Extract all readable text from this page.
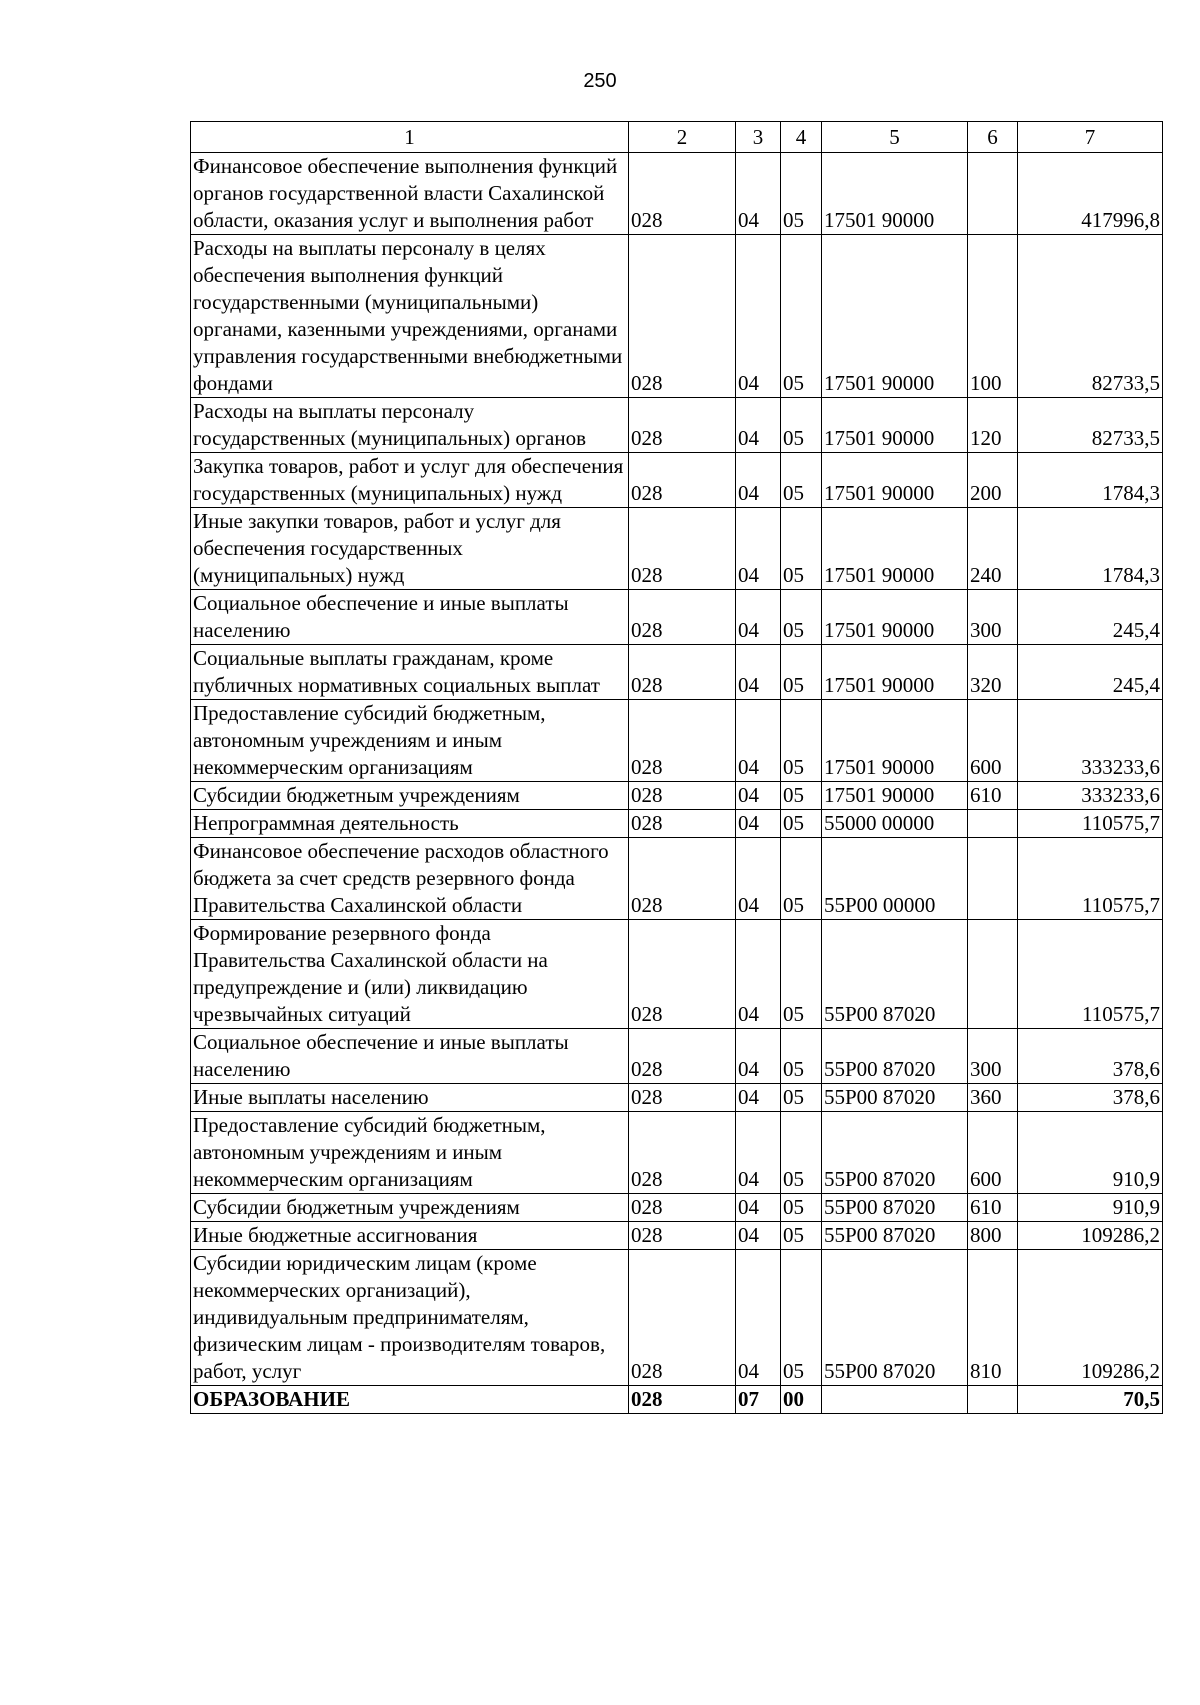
250
1	2	3	4	5	6	7
Финансовое обеспечение выполнения функций органов государственной власти Сахалинской области, оказания услуг и выполнения работ	028	04	05	17501 90000		417996,8
Расходы на выплаты персоналу в целях обеспечения выполнения функций государственными (муниципальными) органами, казенными учреждениями, органами управления государственными внебюджетными фондами	028	04	05	17501 90000	100	82733,5
Расходы на выплаты персоналу государственных (муниципальных) органов	028	04	05	17501 90000	120	82733,5
Закупка товаров, работ и услуг для обеспечения государственных (муниципальных) нужд	028	04	05	17501 90000	200	1784,3
Иные закупки товаров, работ и услуг для обеспечения государственных (муниципальных) нужд	028	04	05	17501 90000	240	1784,3
Социальное обеспечение и иные выплаты населению	028	04	05	17501 90000	300	245,4
Социальные выплаты гражданам, кроме публичных нормативных социальных выплат	028	04	05	17501 90000	320	245,4
Предоставление субсидий бюджетным, автономным учреждениям и иным некоммерческим организациям	028	04	05	17501 90000	600	333233,6
Субсидии бюджетным учреждениям	028	04	05	17501 90000	610	333233,6
Непрограммная деятельность	028	04	05	55000 00000		110575,7
Финансовое обеспечение расходов областного бюджета за счет средств резервного фонда Правительства Сахалинской области	028	04	05	55Р00 00000		110575,7
Формирование резервного фонда Правительства Сахалинской области на предупреждение и (или) ликвидацию чрезвычайных ситуаций	028	04	05	55Р00 87020		110575,7
Социальное обеспечение и иные выплаты населению	028	04	05	55Р00 87020	300	378,6
Иные выплаты населению	028	04	05	55Р00 87020	360	378,6
Предоставление субсидий бюджетным, автономным учреждениям и иным некоммерческим организациям	028	04	05	55Р00 87020	600	910,9
Субсидии бюджетным учреждениям	028	04	05	55Р00 87020	610	910,9
Иные бюджетные ассигнования	028	04	05	55Р00 87020	800	109286,2
Субсидии юридическим лицам (кроме некоммерческих организаций), индивидуальным предпринимателям, физическим лицам - производителям товаров, работ, услуг	028	04	05	55Р00 87020	810	109286,2
ОБРАЗОВАНИЕ	028	07	00			70,5
